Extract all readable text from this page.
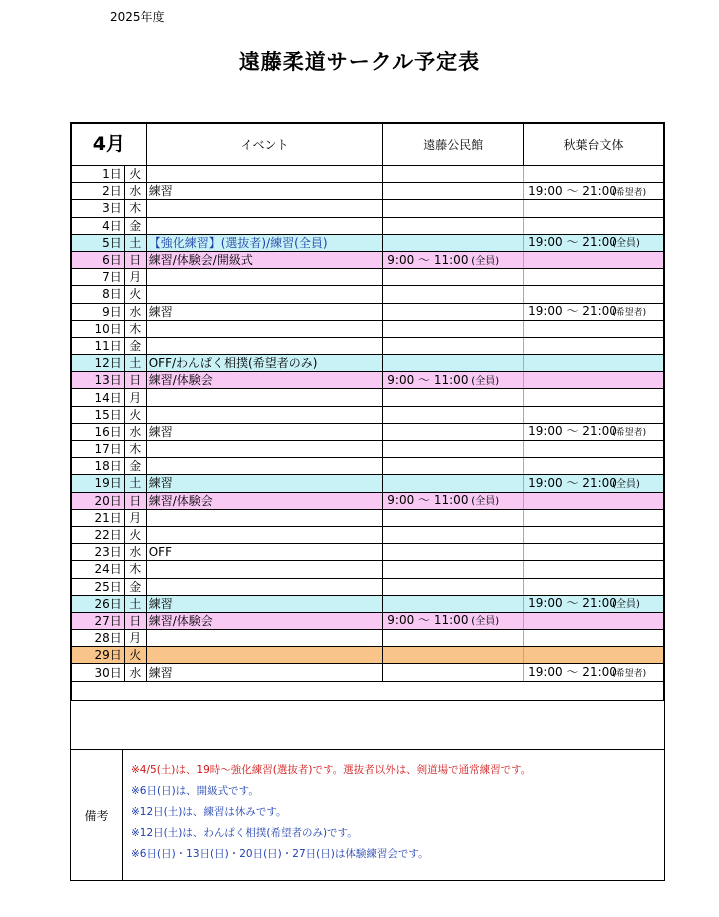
2025年度
遠藤柔道サークル予定表
4月		イベント	遠藤公民館	秋葉台文体
1日	火			
2日	水	練習		19:00 ～ 21:00(希望者)
3日	木			
4日	金			
5日	土	【強化練習】(選抜者)/練習(全員)		19:00 ～ 21:00(全員)
6日	日	練習/体験会/開級式	9:00 ～ 11:00 (全員)	
7日	月			
8日	火			
9日	水	練習		19:00 ～ 21:00(希望者)
10日	木			
11日	金			
12日	土	OFF/わんぱく相撲(希望者のみ)		
13日	日	練習/体験会	9:00 ～ 11:00 (全員)	
14日	月			
15日	火			
16日	水	練習		19:00 ～ 21:00(希望者)
17日	木			
18日	金			
19日	土	練習		19:00 ～ 21:00(全員)
20日	日	練習/体験会	9:00 ～ 11:00 (全員)	
21日	月			
22日	火			
23日	水	OFF		
24日	木			
25日	金			
26日	土	練習		19:00 ～ 21:00(全員)
27日	日	練習/体験会	9:00 ～ 11:00 (全員)	
28日	月			
29日	火			
30日	水	練習		19:00 ～ 21:00(希望者)

備考
※4/5(土)は、19時～強化練習(選抜者)です。選抜者以外は、剣道場で通常練習です。
※6日(日)は、開級式です。
※12日(土)は、練習は休みです。
※12日(土)は、わんぱく相撲(希望者のみ)です。
※6日(日)・13日(日)・20日(日)・27日(日)は体験練習会です。
